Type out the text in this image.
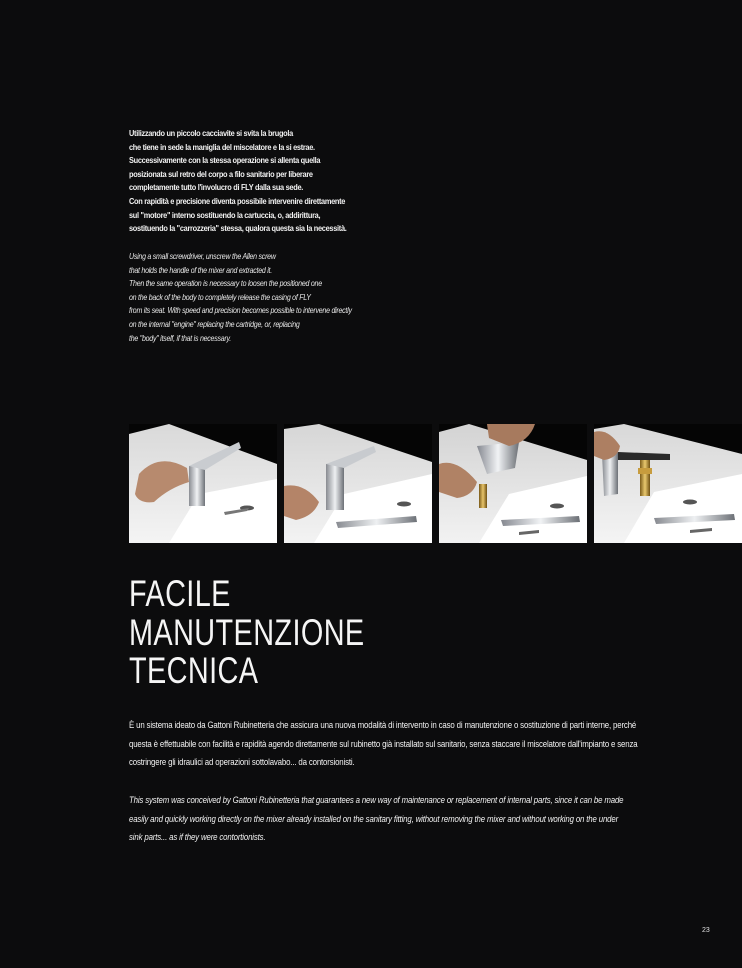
Utilizzando un piccolo cacciavite si svita la brugola
che tiene in sede la maniglia del miscelatore e la si estrae.
Successivamente con la stessa operazione si allenta quella
posizionata sul retro del corpo a filo sanitario per liberare
completamente tutto l'involucro di FLY dalla sua sede.
Con rapidità e precisione diventa possibile intervenire direttamente
sul "motore" interno sostituendo la cartuccia, o, addirittura,
sostituendo la "carrozzeria" stessa, qualora questa sia la necessità.
Using a small screwdriver, unscrew the Allen screw
that holds the handle of the mixer and extracted it.
Then the same operation is necessary to loosen the positioned one
on the back of the body to completely release the casing of FLY
from its seat. With speed and precision becomes possible to intervene directly
on the internal "engine" replacing the cartridge, or, replacing
the "body" itself, if that is necessary.
FACILE
MANUTENZIONE
TECNICA
È un sistema ideato da Gattoni Rubinetteria che assicura una nuova modalità di intervento in caso di manutenzione o sostituzione di parti interne, perché
questa è effettuabile con facilità e rapidità agendo direttamente sul rubinetto già installato sul sanitario, senza staccare il miscelatore dall'impianto e senza
costringere gli idraulici ad operazioni sottolavabo... da contorsionisti.
This system was conceived by Gattoni Rubinetteria that guarantees a new way of maintenance or replacement of internal parts, since it can be made
easily and quickly working directly on the mixer already installed on the sanitary fitting, without removing the mixer and without working on the under
sink parts... as if they were contortionists.
23
